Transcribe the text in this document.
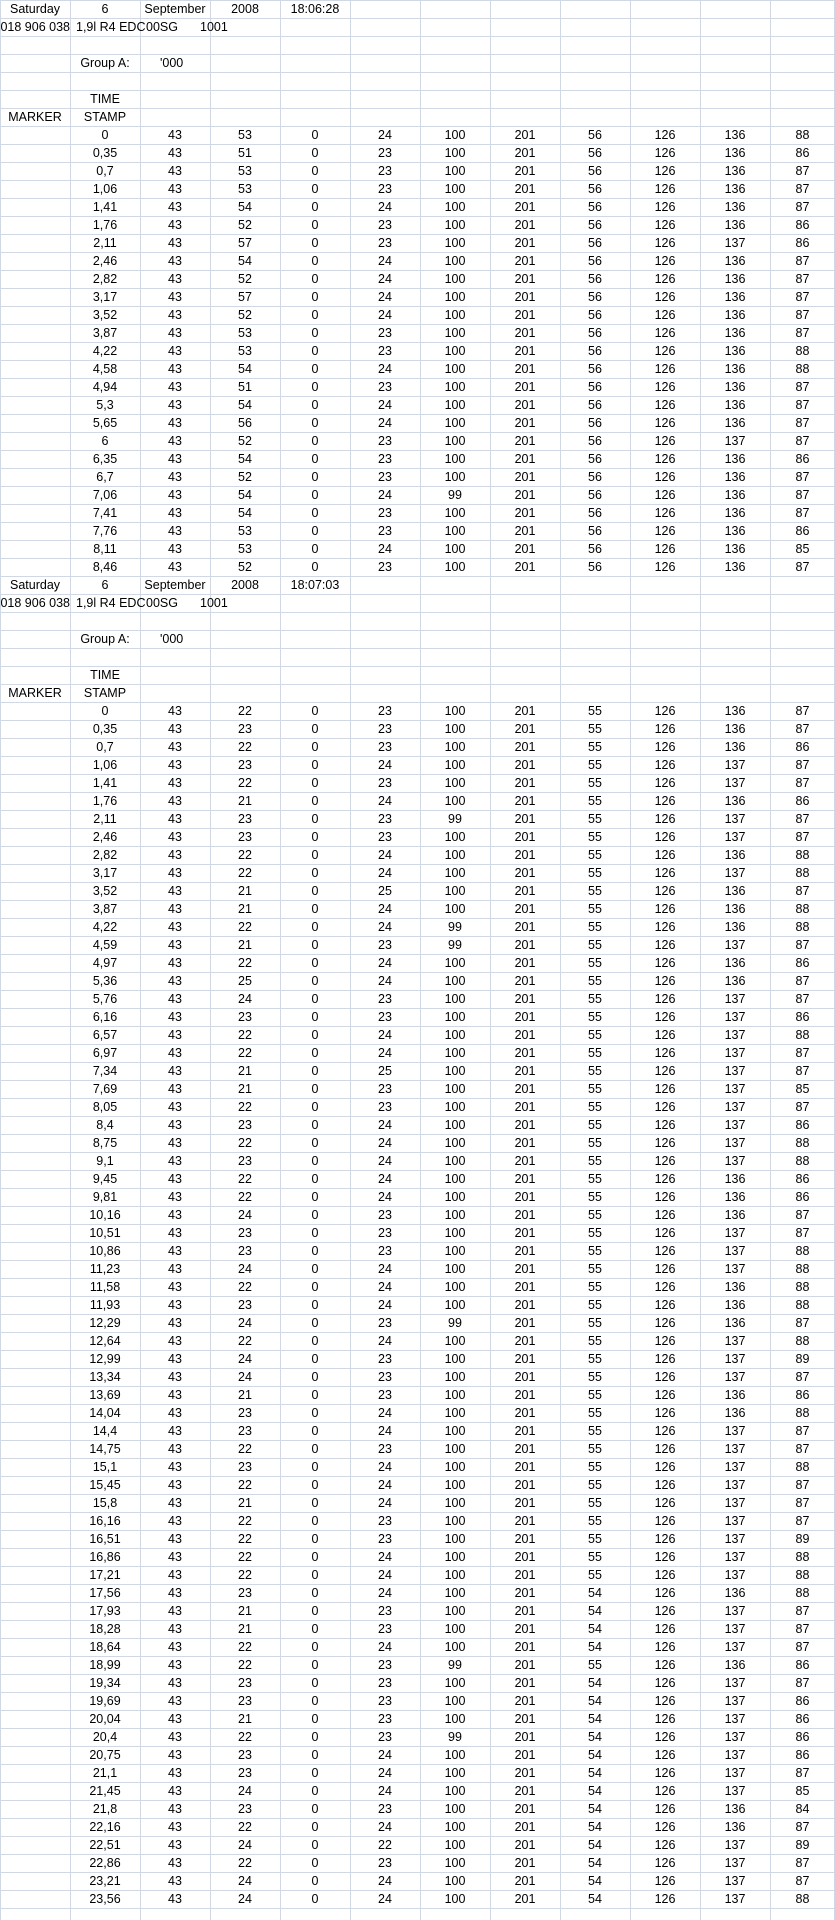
Saturday	6	September	2008	18:06:28
038 906 018	1,9l R4 EDC 00SG	1001
Group A:	'000
TIME
MARKER	STAMP
0	43	53	0	24	100	201	56	126	136	88
0,35	43	51	0	23	100	201	56	126	136	86
0,7	43	53	0	23	100	201	56	126	136	87
1,06	43	53	0	23	100	201	56	126	136	87
1,41	43	54	0	24	100	201	56	126	136	87
1,76	43	52	0	23	100	201	56	126	136	86
2,11	43	57	0	23	100	201	56	126	137	86
2,46	43	54	0	24	100	201	56	126	136	87
2,82	43	52	0	24	100	201	56	126	136	87
3,17	43	57	0	24	100	201	56	126	136	87
3,52	43	52	0	24	100	201	56	126	136	87
3,87	43	53	0	23	100	201	56	126	136	87
4,22	43	53	0	23	100	201	56	126	136	88
4,58	43	54	0	24	100	201	56	126	136	88
4,94	43	51	0	23	100	201	56	126	136	87
5,3	43	54	0	24	100	201	56	126	136	87
5,65	43	56	0	24	100	201	56	126	136	87
6	43	52	0	23	100	201	56	126	137	87
6,35	43	54	0	23	100	201	56	126	136	86
6,7	43	52	0	23	100	201	56	126	136	87
7,06	43	54	0	24	99	201	56	126	136	87
7,41	43	54	0	23	100	201	56	126	136	87
7,76	43	53	0	23	100	201	56	126	136	86
8,11	43	53	0	24	100	201	56	126	136	85
8,46	43	52	0	23	100	201	56	126	136	87
Saturday	6	September	2008	18:07:03
038 906 018	1,9l R4 EDC 00SG	1001
Group A:	'000
TIME
MARKER	STAMP
0	43	22	0	23	100	201	55	126	136	87
0,35	43	23	0	23	100	201	55	126	136	87
0,7	43	22	0	23	100	201	55	126	136	86
1,06	43	23	0	24	100	201	55	126	137	87
1,41	43	22	0	23	100	201	55	126	137	87
1,76	43	21	0	24	100	201	55	126	136	86
2,11	43	23	0	23	99	201	55	126	137	87
2,46	43	23	0	23	100	201	55	126	137	87
2,82	43	22	0	24	100	201	55	126	136	88
3,17	43	22	0	24	100	201	55	126	137	88
3,52	43	21	0	25	100	201	55	126	136	87
3,87	43	21	0	24	100	201	55	126	136	88
4,22	43	22	0	24	99	201	55	126	136	88
4,59	43	21	0	23	99	201	55	126	137	87
4,97	43	22	0	24	100	201	55	126	136	86
5,36	43	25	0	24	100	201	55	126	136	87
5,76	43	24	0	23	100	201	55	126	137	87
6,16	43	23	0	23	100	201	55	126	137	86
6,57	43	22	0	24	100	201	55	126	137	88
6,97	43	22	0	24	100	201	55	126	137	87
7,34	43	21	0	25	100	201	55	126	137	87
7,69	43	21	0	23	100	201	55	126	137	85
8,05	43	22	0	23	100	201	55	126	137	87
8,4	43	23	0	24	100	201	55	126	137	86
8,75	43	22	0	24	100	201	55	126	137	88
9,1	43	23	0	24	100	201	55	126	137	88
9,45	43	22	0	24	100	201	55	126	136	86
9,81	43	22	0	24	100	201	55	126	136	86
10,16	43	24	0	23	100	201	55	126	136	87
10,51	43	23	0	23	100	201	55	126	137	87
10,86	43	23	0	23	100	201	55	126	137	88
11,23	43	24	0	24	100	201	55	126	137	88
11,58	43	22	0	24	100	201	55	126	136	88
11,93	43	23	0	24	100	201	55	126	136	88
12,29	43	24	0	23	99	201	55	126	136	87
12,64	43	22	0	24	100	201	55	126	137	88
12,99	43	24	0	23	100	201	55	126	137	89
13,34	43	24	0	23	100	201	55	126	137	87
13,69	43	21	0	23	100	201	55	126	136	86
14,04	43	23	0	24	100	201	55	126	136	88
14,4	43	23	0	24	100	201	55	126	137	87
14,75	43	22	0	23	100	201	55	126	137	87
15,1	43	23	0	24	100	201	55	126	137	88
15,45	43	22	0	24	100	201	55	126	137	87
15,8	43	21	0	24	100	201	55	126	137	87
16,16	43	22	0	23	100	201	55	126	137	87
16,51	43	22	0	23	100	201	55	126	137	89
16,86	43	22	0	24	100	201	55	126	137	88
17,21	43	22	0	24	100	201	55	126	137	88
17,56	43	23	0	24	100	201	54	126	136	88
17,93	43	21	0	23	100	201	54	126	137	87
18,28	43	21	0	23	100	201	54	126	137	87
18,64	43	22	0	24	100	201	54	126	137	87
18,99	43	22	0	23	99	201	55	126	136	86
19,34	43	23	0	23	100	201	54	126	137	87
19,69	43	23	0	23	100	201	54	126	137	86
20,04	43	21	0	23	100	201	54	126	137	86
20,4	43	22	0	23	99	201	54	126	137	86
20,75	43	23	0	24	100	201	54	126	137	86
21,1	43	23	0	24	100	201	54	126	137	87
21,45	43	24	0	24	100	201	54	126	137	85
21,8	43	23	0	23	100	201	54	126	136	84
22,16	43	22	0	24	100	201	54	126	136	87
22,51	43	24	0	22	100	201	54	126	137	89
22,86	43	22	0	23	100	201	54	126	137	87
23,21	43	24	0	24	100	201	54	126	137	87
23,56	43	24	0	24	100	201	54	126	137	88
